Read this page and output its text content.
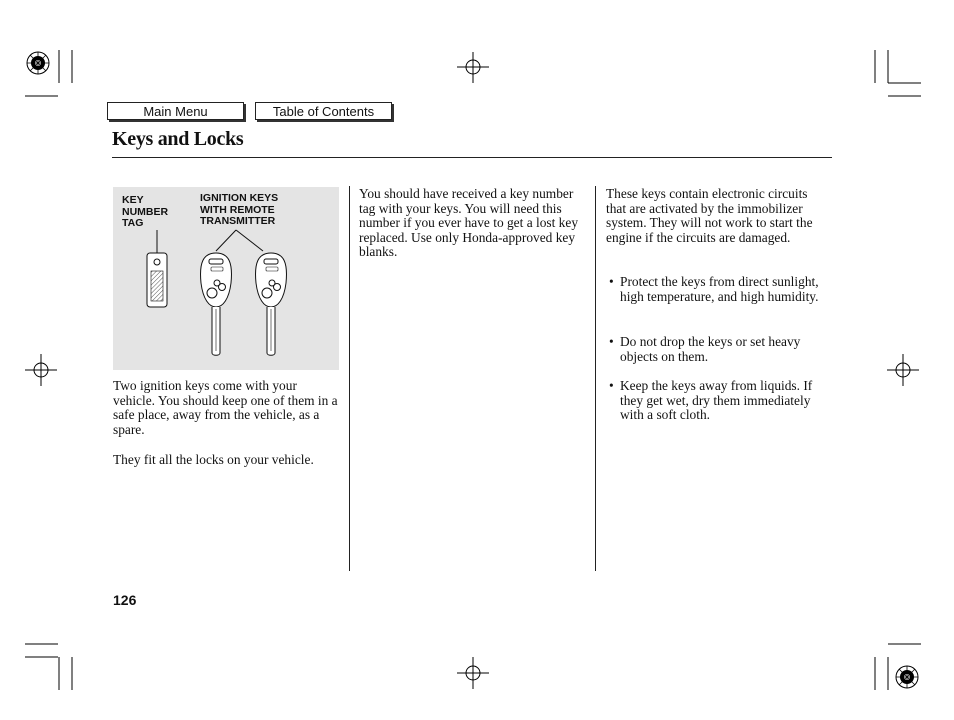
Main Menu	Table of Contents
Keys and Locks
KEY
NUMBER
TAG
IGNITION KEYS
WITH REMOTE
TRANSMITTER

Two ignition keys come with your vehicle. You should keep one of them in a safe place, away from the vehicle, as a spare.

They fit all the locks on your vehicle.

You should have received a key number tag with your keys. You will need this number if you ever have to get a lost key replaced. Use only Honda-approved key blanks.

These keys contain electronic circuits that are activated by the immobilizer system. They will not work to start the engine if the circuits are damaged.

• Protect the keys from direct sunlight, high temperature, and high humidity.
• Do not drop the keys or set heavy objects on them.
• Keep the keys away from liquids. If they get wet, dry them immediately with a soft cloth.
126
